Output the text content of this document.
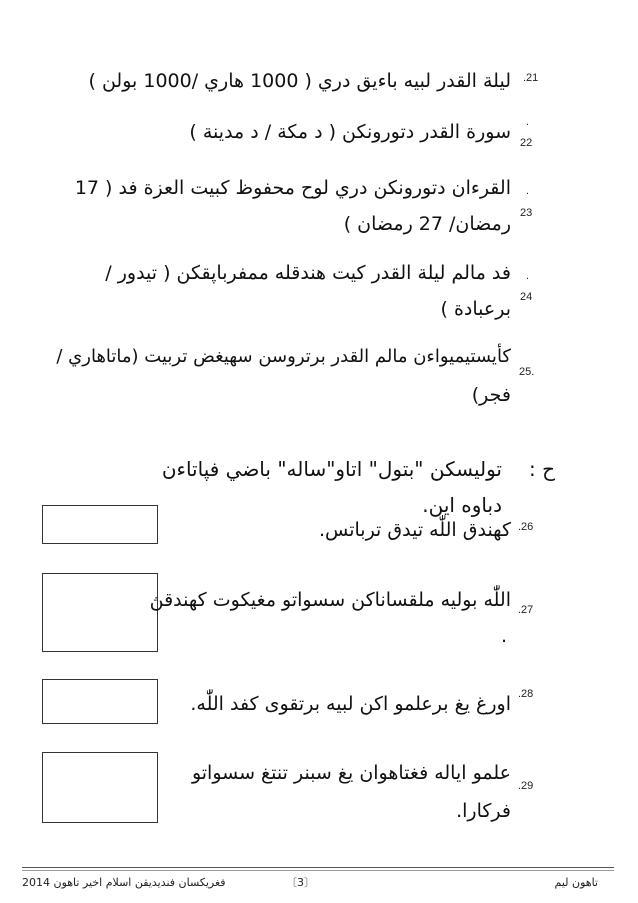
.21
ليلة القدر لبيه باءيق دري ( 1000 هاري /1000 بولن )
.
22
سورة القدر دتورونكن ( د مكة / د مدينة )
.
23
القرءان دتورونكن دري لوح محفوظ كبيت العزة فد ( 17
رمضان/ 27 رمضان )
.
24
فد مالم ليلة القدر كيت هندقله ممفرباڽقكن ( تيدور /
برعبادة )
25.
كأيستيميواءن مالم القدر برتروسن سهيغض تربيت (ماتاهاري /
فجر)
ح :
توليسكن "بتول" اتاو"ساله" باضي فڽاتاءن
دباوه اين.
كهندق اللّٰه تيدق ترباتس. .26
اللّٰه بوليه ملقساناكن سسواتو مغيكوت كهندقڽ
.
.27
اورغ يغ برعلمو اكن لبيه برتقوى كفد اللّٰه. .28
علمو اياله فغتاهوان يغ سبنر تنتغ سسواتو
فركارا.
.29
فغريكسان فنديديقن اسلام اخير تاهون 2014	〔3〕	تاهون ليم
